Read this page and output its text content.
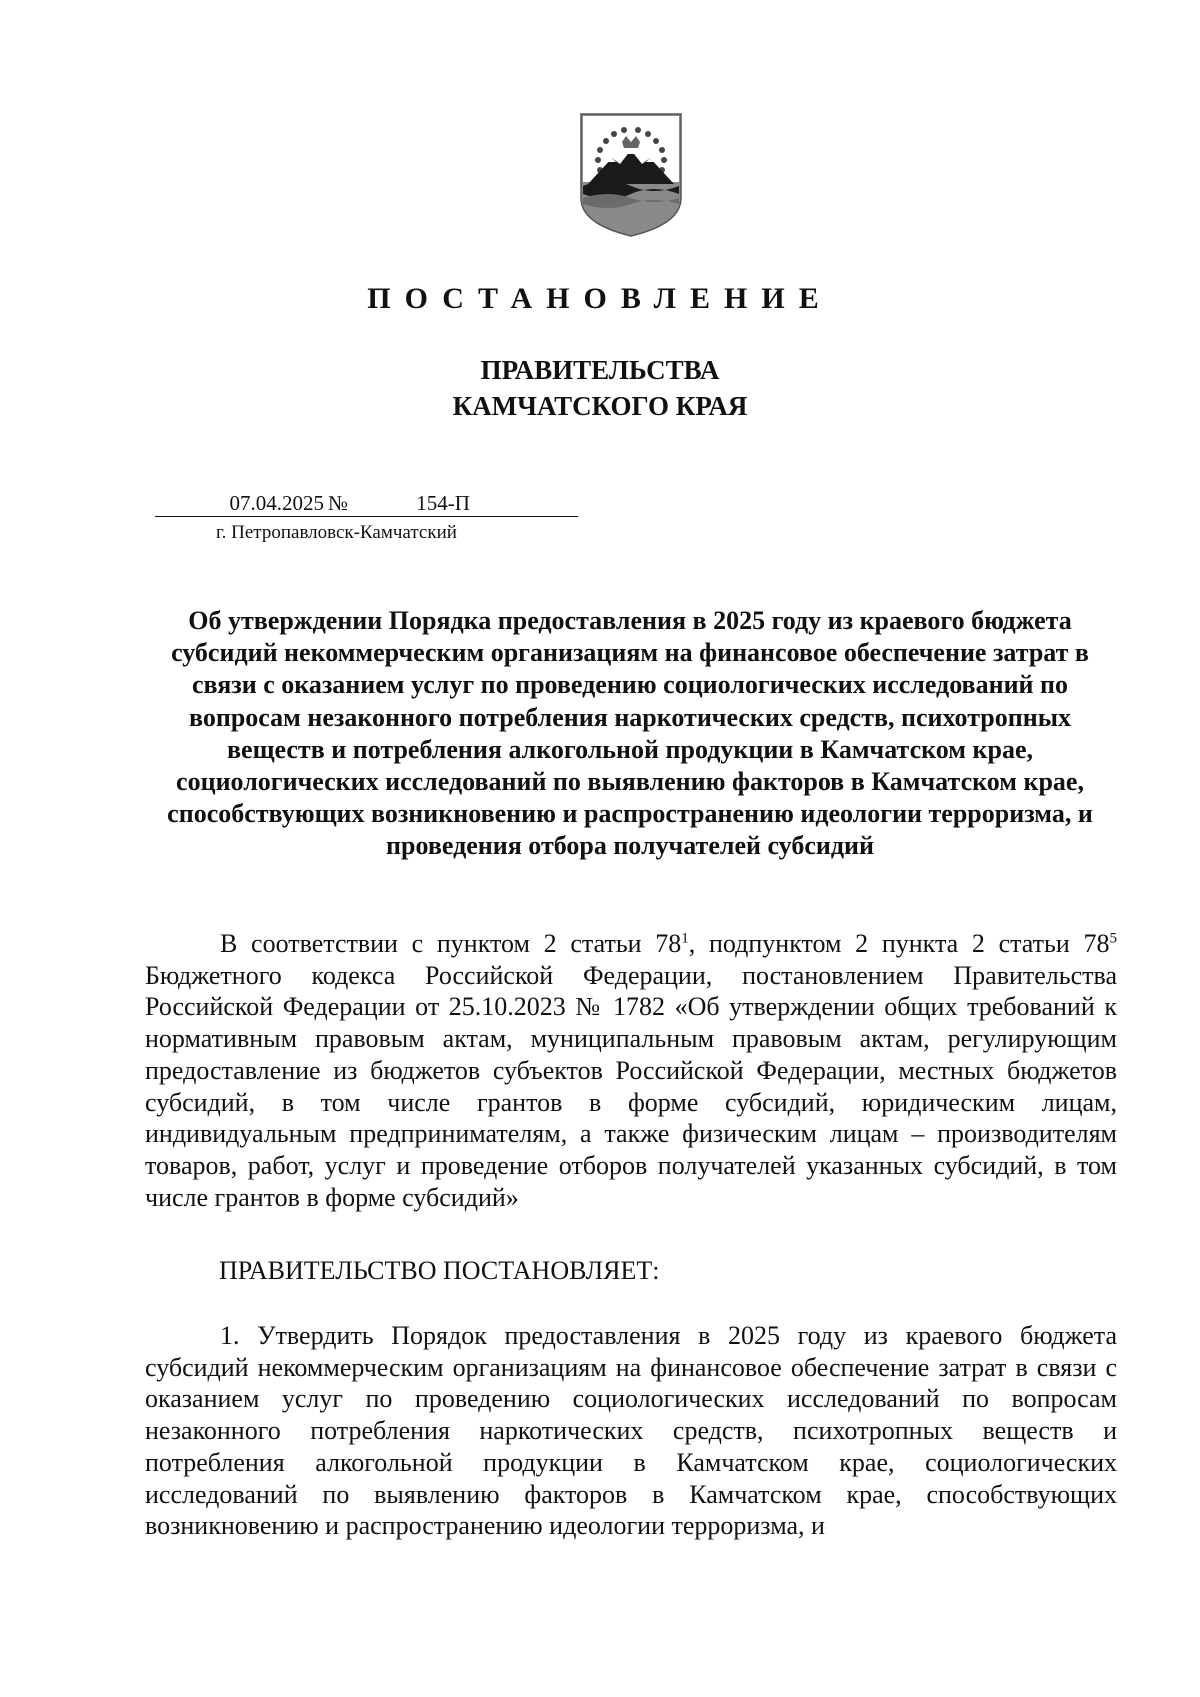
ПОСТАНОВЛЕНИЕ
ПРАВИТЕЛЬСТВА
КАМЧАТСКОГО КРАЯ
07.04.2025 №	154-П
г. Петропавловск-Камчатский
Об утверждении Порядка предоставления в 2025 году из краевого бюджета субсидий некоммерческим организациям на финансовое обеспечение затрат в связи с оказанием услуг по проведению социологических исследований по вопросам незаконного потребления наркотических средств, психотропных веществ и потребления алкогольной продукции в Камчатском крае, социологических исследований по выявлению факторов в Камчатском крае, способствующих возникновению и распространению идеологии терроризма, и проведения отбора получателей субсидий

В соответствии с пунктом 2 статьи $78^1$, подпунктом 2 пункта 2 статьи $78^5$ Бюджетного кодекса Российской Федерации, постановлением Правительства Российской Федерации от 25.10.2023 № 1782 «Об утверждении общих требований к нормативным правовым актам, муниципальным правовым актам, регулирующим предоставление из бюджетов субъектов Российской Федерации, местных бюджетов субсидий, в том числе грантов в форме субсидий, юридическим лицам, индивидуальным предпринимателям, а также физическим лицам – производителям товаров, работ, услуг и проведение отборов получателей указанных субсидий, в том числе грантов в форме субсидий»

ПРАВИТЕЛЬСТВО ПОСТАНОВЛЯЕТ:

1. Утвердить Порядок предоставления в 2025 году из краевого бюджета субсидий некоммерческим организациям на финансовое обеспечение затрат в связи с оказанием услуг по проведению социологических исследований по вопросам незаконного потребления наркотических средств, психотропных веществ и потребления алкогольной продукции в Камчатском крае, социологических исследований по выявлению факторов в Камчатском крае, способствующих возникновению и распространению идеологии терроризма, и
